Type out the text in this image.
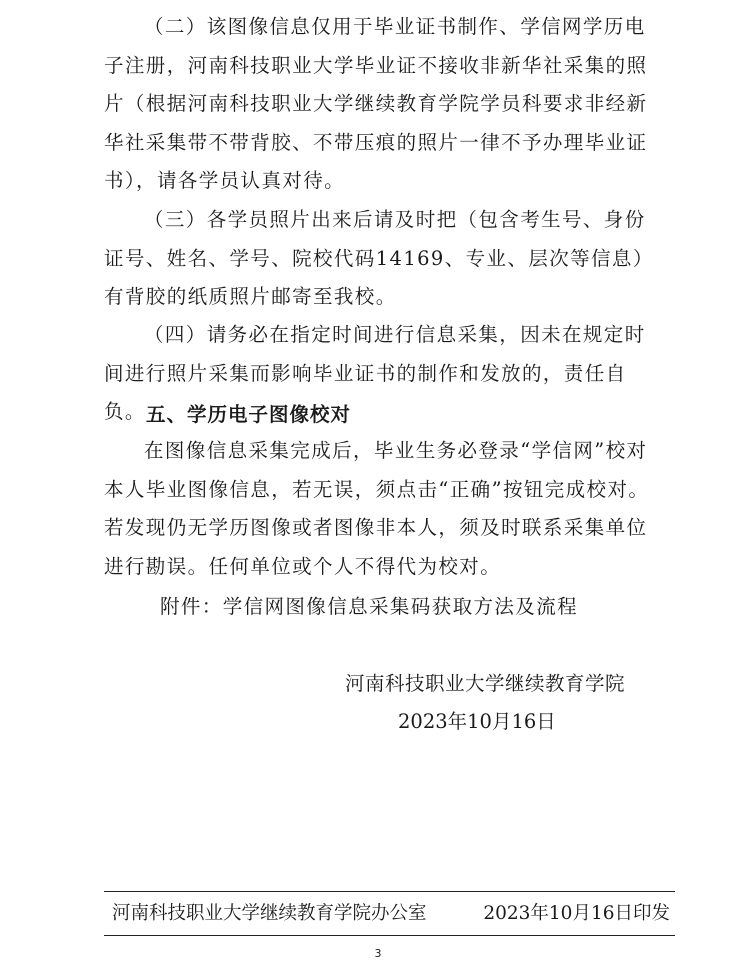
（二）该图像信息仅用于毕业证书制作、学信网学历电子注册，河南科技职业大学毕业证不接收非新华社采集的照片（根据河南科技职业大学继续教育学院学员科要求非经新华社采集带不带背胶、不带压痕的照片一律不予办理毕业证书），请各学员认真对待。

（三）各学员照片出来后请及时把（包含考生号、身份证号、姓名、学号、院校代码14169、专业、层次等信息）有背胶的纸质照片邮寄至我校。

（四）请务必在指定时间进行信息采集，因未在规定时间进行照片采集而影响毕业证书的制作和发放的，责任自负。 五、学历电子图像校对

在图像信息采集完成后，毕业生务必登录“学信网”校对本人毕业图像信息，若无误，须点击“正确”按钮完成校对。若发现仍无学历图像或者图像非本人，须及时联系采集单位进行勘误。任何单位或个人不得代为校对。

附件：学信网图像信息采集码获取方法及流程

河南科技职业大学继续教育学院

2023年10月16日

河南科技职业大学继续教育学院办公室	2023年10月16日印发

3
